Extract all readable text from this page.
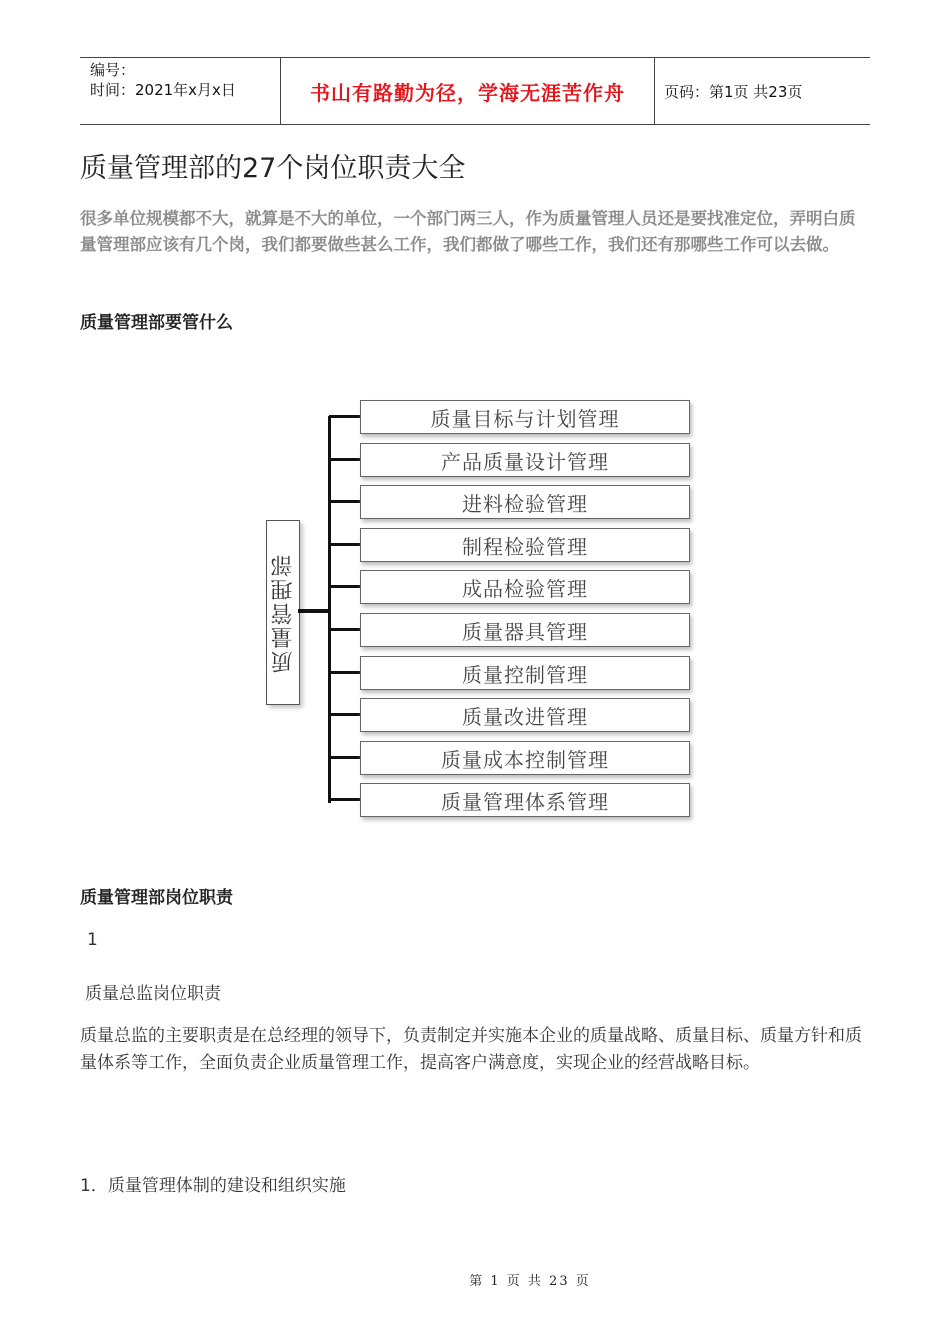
编号：
时间：2021年x月x日	书山有路勤为径，学海无涯苦作舟	页码：第1页 共23页
质量管理部的27个岗位职责大全

很多单位规模都不大，就算是不大的单位，一个部门两三人，作为质量管理人员还是要找准定位，弄明白质量管理部应该有几个岗，我们都要做些甚么工作，我们都做了哪些工作，我们还有那哪些工作可以去做。

质量管理部要管什么
质量管理部
质量目标与计划管理
产品质量设计管理
进料检验管理
制程检验管理
成品检验管理
质量器具管理
质量控制管理
质量改进管理
质量成本控制管理
质量管理体系管理
质量管理部岗位职责

1

质量总监岗位职责

质量总监的主要职责是在总经理的领导下，负责制定并实施本企业的质量战略、质量目标、质量方针和质量体系等工作，全面负责企业质量管理工作，提高客户满意度，实现企业的经营战略目标。

1．质量管理体制的建设和组织实施

第 1 页 共 23 页
